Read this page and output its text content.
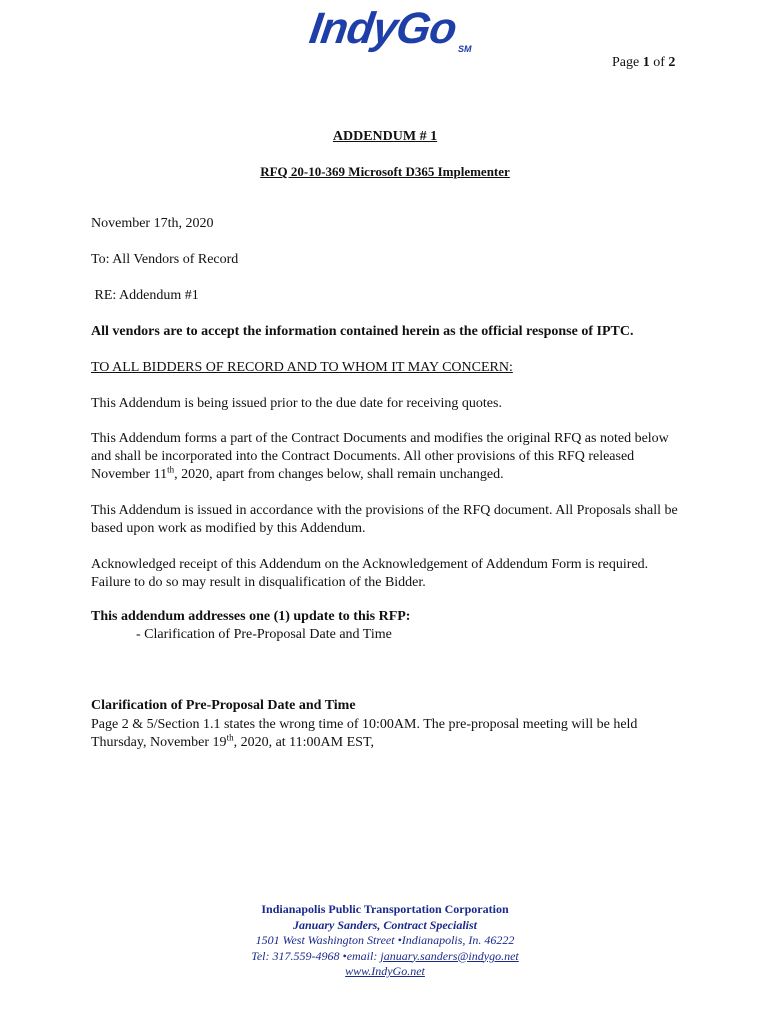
IndyGo
SM
Page 1 of 2
ADDENDUM # 1
RFQ 20-10-369 Microsoft D365 Implementer
November 17th, 2020
To: All Vendors of Record
RE: Addendum #1
All vendors are to accept the information contained herein as the official response of IPTC.
TO ALL BIDDERS OF RECORD AND TO WHOM IT MAY CONCERN:
This Addendum is being issued prior to the due date for receiving quotes.
This Addendum forms a part of the Contract Documents and modifies the original RFQ as noted below and shall be incorporated into the Contract Documents. All other provisions of this RFQ released November 11th, 2020, apart from changes below, shall remain unchanged.
This Addendum is issued in accordance with the provisions of the RFQ document. All Proposals shall be based upon work as modified by this Addendum.
Acknowledged receipt of this Addendum on the Acknowledgement of Addendum Form is required. Failure to do so may result in disqualification of the Bidder.
This addendum addresses one (1) update to this RFP:
- Clarification of Pre-Proposal Date and Time
Clarification of Pre-Proposal Date and Time
Page 2 & 5/Section 1.1 states the wrong time of 10:00AM. The pre-proposal meeting will be held Thursday, November 19th, 2020, at 11:00AM EST,
Indianapolis Public Transportation Corporation
January Sanders, Contract Specialist
1501 West Washington Street •Indianapolis, In. 46222
Tel: 317.559-4968 •email: january.sanders@indygo.net
www.IndyGo.net
